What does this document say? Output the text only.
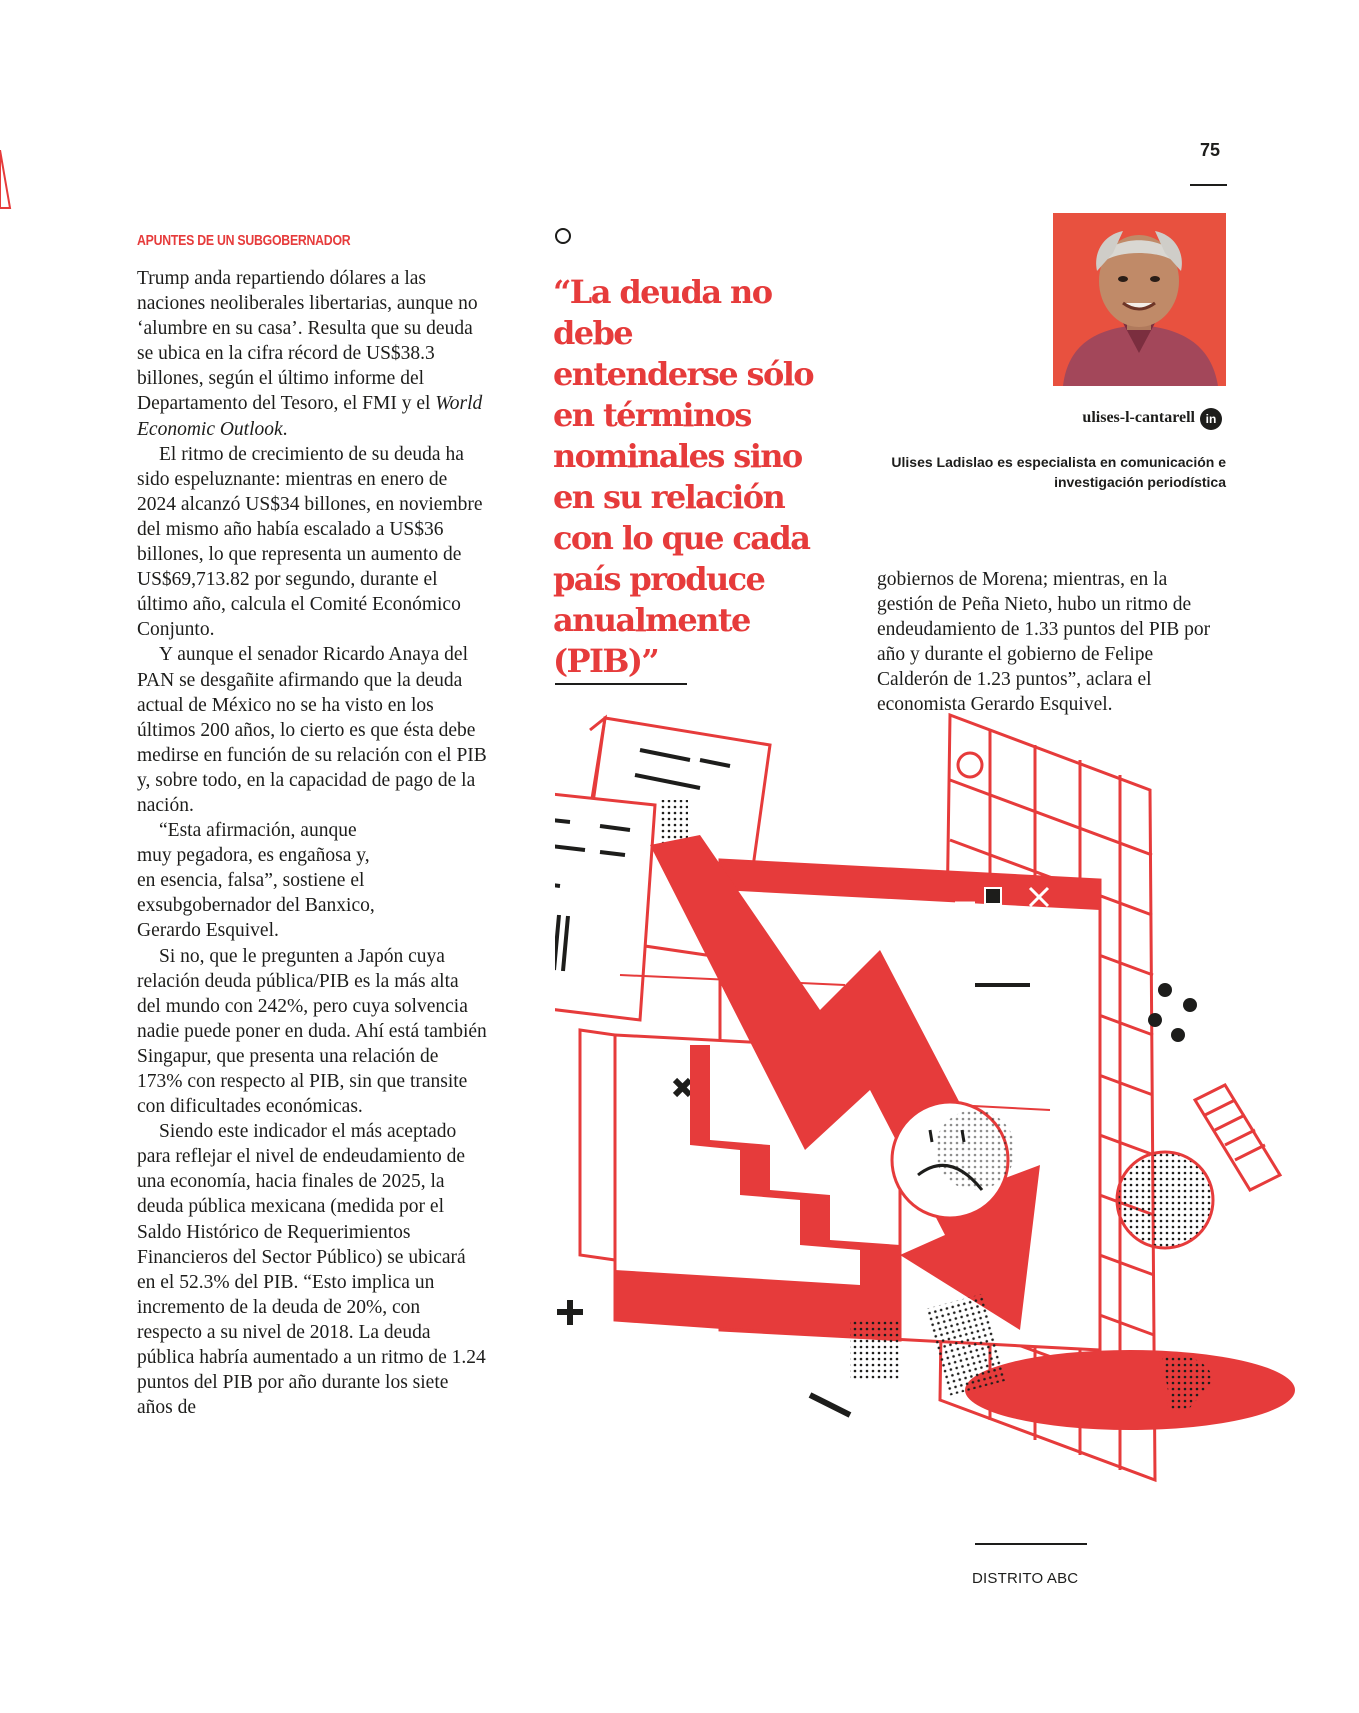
75
APUNTES DE UN SUBGOBERNADOR

Trump anda repartiendo dólares a las naciones neoliberales libertarias, aunque no ‘alumbre en su casa’. Resulta que su deuda se ubica en la cifra récord de US$38.3 billones, según el último informe del Departamento del Tesoro, el FMI y el World Economic Outlook.

El ritmo de crecimiento de su deuda ha sido espeluznante: mientras en enero de 2024 alcanzó US$34 billones, en noviembre del mismo año había escalado a US$36 billones, lo que representa un aumento de US$69,713.82 por segundo, durante el último año, calcula el Comité Económico Conjunto.

Y aunque el senador Ricardo Anaya del PAN se desgañite afirmando que la deuda actual de México no se ha visto en los últimos 200 años, lo cierto es que ésta debe medirse en función de su relación con el PIB y, sobre todo, en la capacidad de pago de la nación.

“Esta afirmación, aunque muy pegadora, es engañosa y, en esencia, falsa”, sostiene el exsubgobernador del Banxico, Gerardo Esquivel.

Si no, que le pregunten a Japón cuya relación deuda pública/PIB es la más alta del mundo con 242%, pero cuya solvencia nadie puede poner en duda. Ahí está también Singapur, que presenta una relación de 173% con respecto al PIB, sin que transite con dificultades económicas.

Siendo este indicador el más aceptado para reflejar el nivel de endeudamiento de una economía, hacia finales de 2025, la deuda pública mexicana (medida por el Saldo Histórico de Requerimientos Financieros del Sector Público) se ubicará en el 52.3% del PIB. “Esto implica un incremento de la deuda de 20%, con respecto a su nivel de 2018. La deuda pública habría aumentado a un ritmo de 1.24 puntos del PIB por año durante los siete años de

“La deuda no debe entenderse sólo en términos nominales sino en su relación con lo que cada país produce anualmente (PIB)”
ulises-l-cantarell in
Ulises Ladislao es especialista en comunicación e investigación periodística

gobiernos de Morena; mientras, en la gestión de Peña Nieto, hubo un ritmo de endeudamiento de 1.33 puntos del PIB por año y durante el gobierno de Felipe Calderón de 1.23 puntos”, aclara el economista Gerardo Esquivel.

DISTRITO ABC
